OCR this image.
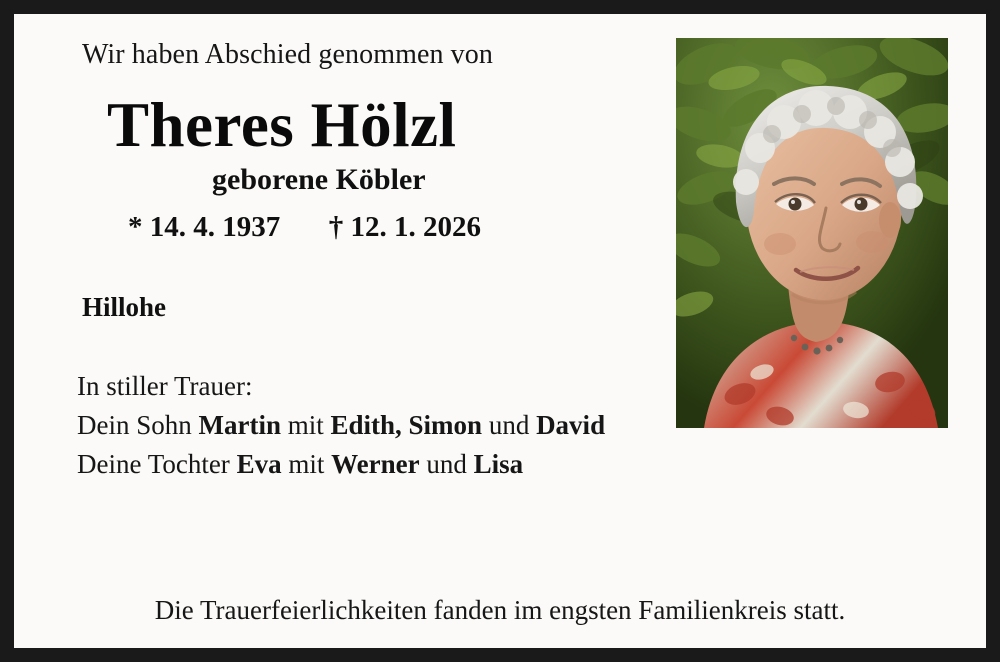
Wir haben Abschied genommen von
Theres Hölzl
geborene Köbler
* 14. 4. 1937 † 12. 1. 2026
Hillohe
In stiller Trauer:
Dein Sohn Martin mit Edith, Simon und David
Deine Tochter Eva mit Werner und Lisa
Die Trauerfeierlichkeiten fanden im engsten Familienkreis statt.
